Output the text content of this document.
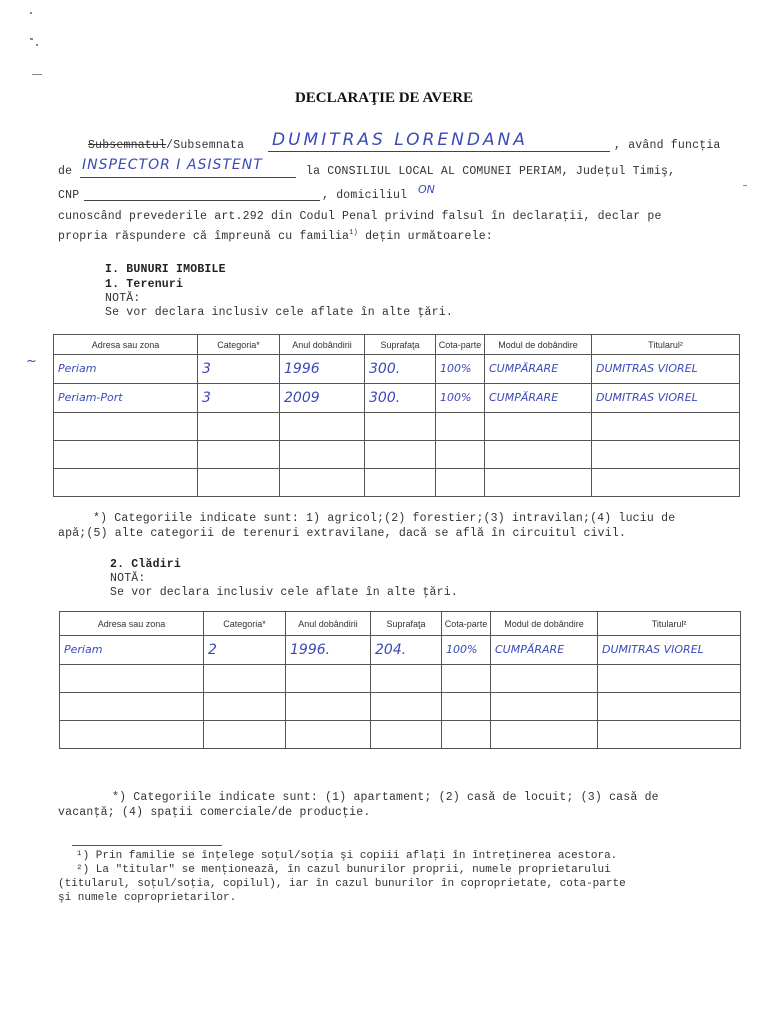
DECLARAŢIE DE AVERE
Subsemnatul/Subsemnata DUMITRAS LORENDANA	, având funcţia
de INSPECTOR I ASISTENT	la CONSILIUL LOCAL AL COMUNEI PERIAM, Judeţul Timiş,
CNP	, domiciliul ON
cunoscând prevederile art.292 din Codul Penal privind falsul în declaraţii, declar pe
propria răspundere că împreună cu familia$^{1)}$ deţin următoarele:
I. BUNURI IMOBILE
1. Terenuri
NOTĂ:
Se vor declara inclusiv cele aflate în alte ţări.
Adresa sau zona	Categoria*	Anul dobândirii	Suprafaţa	Cota-parte	Modul de dobândire	Titularul²
Periam	3	1996	300.	100%	CUMPĂRARE	DUMITRAS VIOREL
Periam-Port	3	2009	300.	100%	CUMPĂRARE	DUMITRAS VIOREL

~
*) Categoriile indicate sunt: 1) agricol;(2) forestier;(3) intravilan;(4) luciu de
apă;(5) alte categorii de terenuri extravilane, dacă se află în circuitul civil.
2. Clădiri
NOTĂ:
Se vor declara inclusiv cele aflate în alte ţări.
Adresa sau zona	Categoria*	Anul dobândirii	Suprafaţa	Cota-parte	Modul de dobândire	Titularul²
Periam	2	1996.	204.	100%	CUMPĂRARE	DUMITRAS VIOREL

*) Categoriile indicate sunt: (1) apartament; (2) casă de locuit; (3) casă de
vacanţă; (4) spaţii comerciale/de producţie.
¹) Prin familie se înţelege soţul/soţia şi copiii aflaţi în întreţinerea acestora.
²) La "titular" se menţionează, în cazul bunurilor proprii, numele proprietarului
(titularul, soţul/soţia, copilul), iar în cazul bunurilor în coproprietate, cota-parte
şi numele coproprietarilor.
